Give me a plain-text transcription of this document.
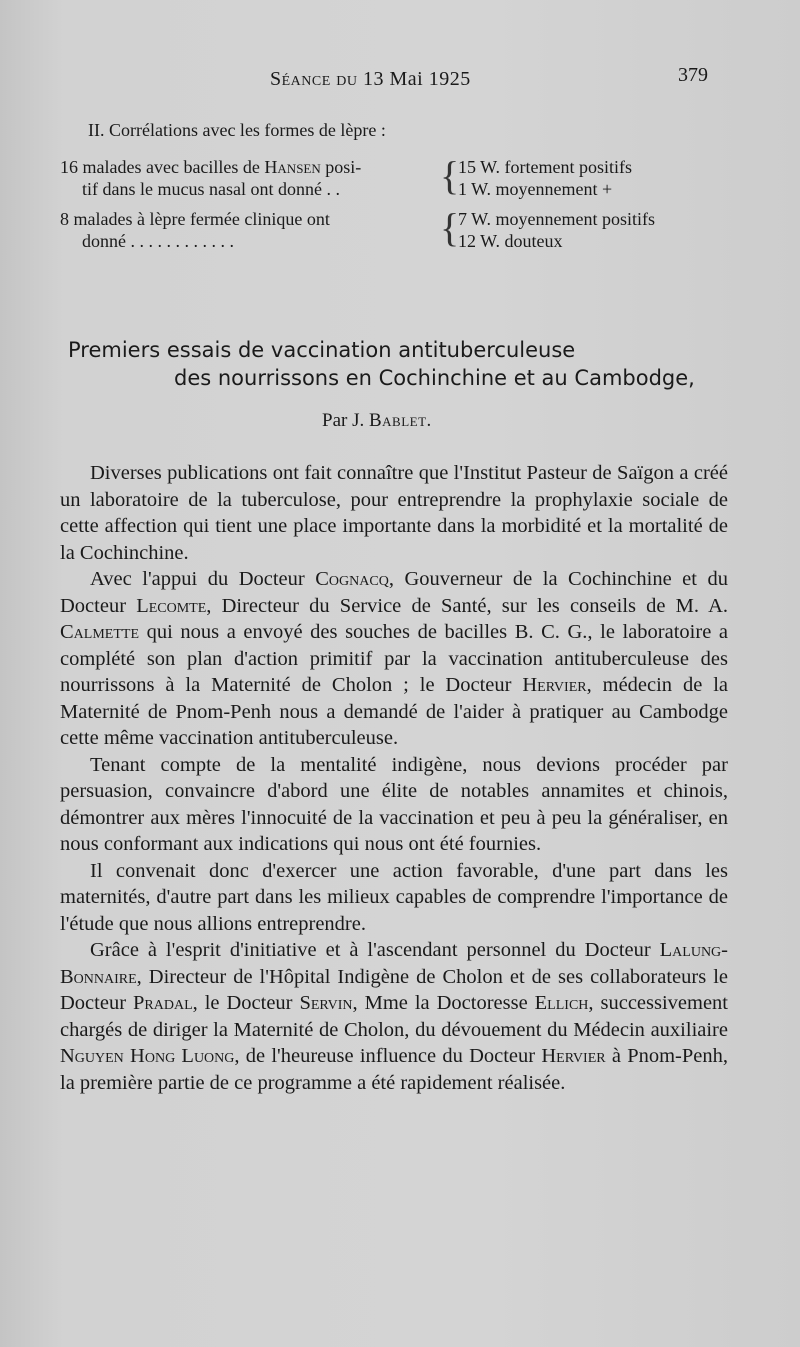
Séance du 13 Mai 1925	379
II. Corrélations avec les formes de lèpre :
16 malades avec bacilles de Hansen posi-
tif dans le mucus nasal ont donné . .	{
15 W. fortement positifs
1 W. moyennement +
8 malades à lèpre fermée clinique ont
donné . . . . . . . . . . . .	{
7 W. moyennement positifs
12 W. douteux
Premiers essais de vaccination antituberculeuse
des nourrissons en Cochinchine et au Cambodge,
Par J. Bablet.

Diverses publications ont fait connaître que l'Institut Pasteur de Saïgon a créé un laboratoire de la tuberculose, pour entreprendre la prophylaxie sociale de cette affection qui tient une place importante dans la morbidité et la mortalité de la Cochinchine.

Avec l'appui du Docteur Cognacq, Gouverneur de la Cochinchine et du Docteur Lecomte, Directeur du Service de Santé, sur les conseils de M. A. Calmette qui nous a envoyé des souches de bacilles B. C. G., le laboratoire a complété son plan d'action primitif par la vaccination antituberculeuse des nourrissons à la Maternité de Cholon ; le Docteur Hervier, médecin de la Maternité de Pnom-Penh nous a demandé de l'aider à pratiquer au Cambodge cette même vaccination antituberculeuse.

Tenant compte de la mentalité indigène, nous devions procéder par persuasion, convaincre d'abord une élite de notables annamites et chinois, démontrer aux mères l'innocuité de la vaccination et peu à peu la généraliser, en nous conformant aux indications qui nous ont été fournies.

Il convenait donc d'exercer une action favorable, d'une part dans les maternités, d'autre part dans les milieux capables de comprendre l'importance de l'étude que nous allions entreprendre.

Grâce à l'esprit d'initiative et à l'ascendant personnel du Docteur Lalung-Bonnaire, Directeur de l'Hôpital Indigène de Cholon et de ses collaborateurs le Docteur Pradal, le Docteur Servin, Mme la Doctoresse Ellich, successivement chargés de diriger la Maternité de Cholon, du dévouement du Médecin auxiliaire Nguyen Hong Luong, de l'heureuse influence du Docteur Hervier à Pnom-Penh, la première partie de ce programme a été rapidement réalisée.
